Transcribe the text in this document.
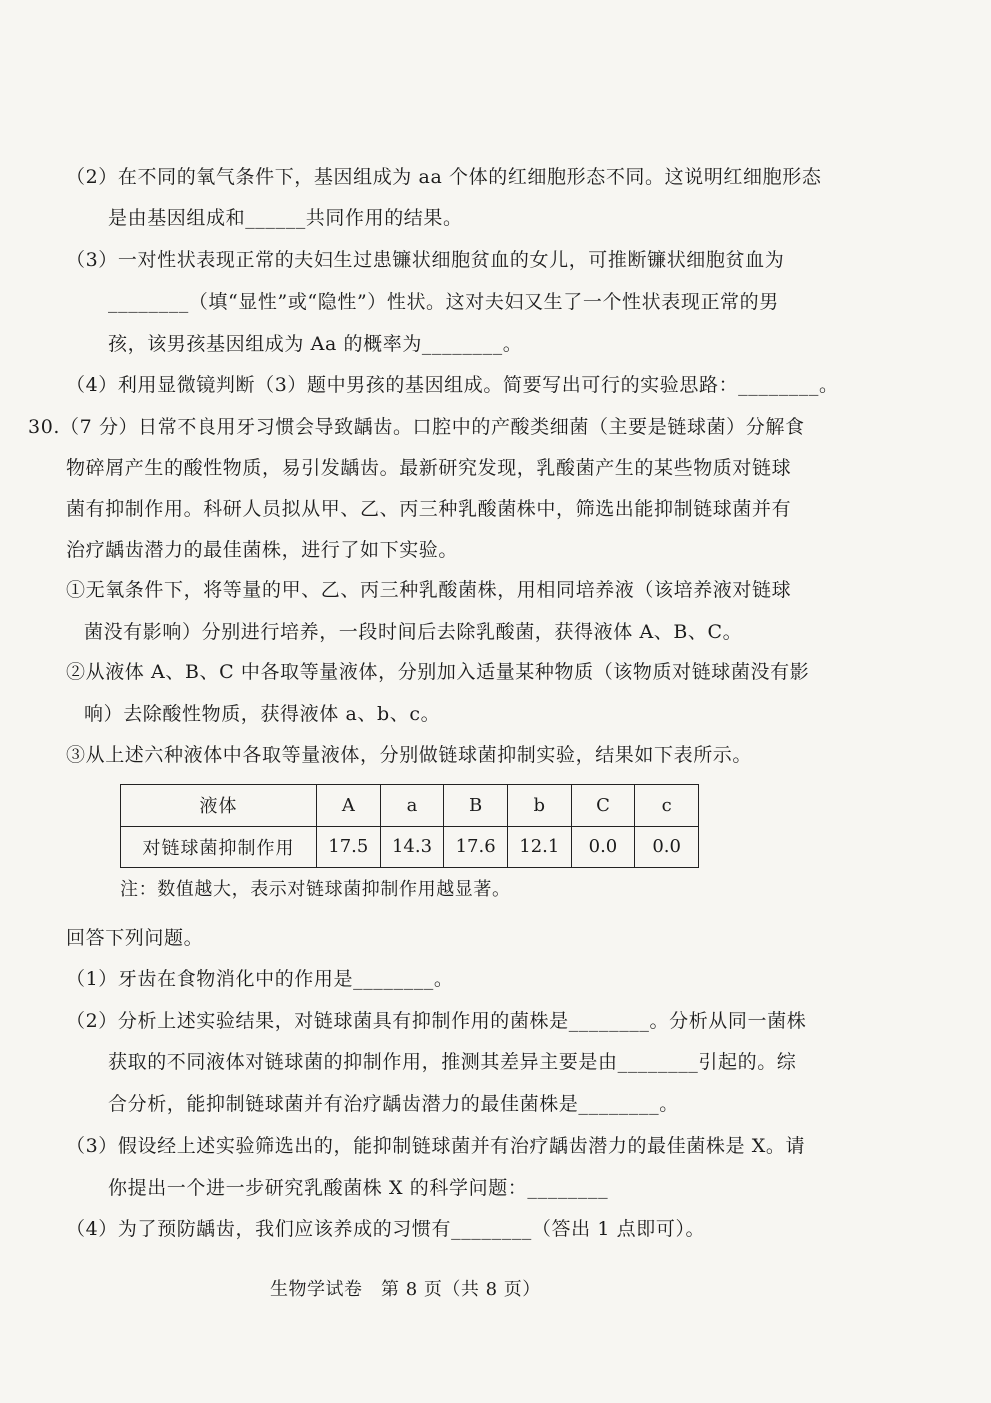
（2）在不同的氧气条件下，基因组成为 aa 个体的红细胞形态不同。这说明红细胞形态
是由基因组成和______共同作用的结果。
（3）一对性状表现正常的夫妇生过患镰状细胞贫血的女儿，可推断镰状细胞贫血为
________（填“显性”或“隐性”）性状。这对夫妇又生了一个性状表现正常的男
孩，该男孩基因组成为 Aa 的概率为________。
（4）利用显微镜判断（3）题中男孩的基因组成。简要写出可行的实验思路：________。
30.（7 分）日常不良用牙习惯会导致龋齿。口腔中的产酸类细菌（主要是链球菌）分解食
物碎屑产生的酸性物质，易引发龋齿。最新研究发现，乳酸菌产生的某些物质对链球
菌有抑制作用。科研人员拟从甲、乙、丙三种乳酸菌株中，筛选出能抑制链球菌并有
治疗龋齿潜力的最佳菌株，进行了如下实验。
①无氧条件下，将等量的甲、乙、丙三种乳酸菌株，用相同培养液（该培养液对链球
菌没有影响）分别进行培养，一段时间后去除乳酸菌，获得液体 A、B、C。
②从液体 A、B、C 中各取等量液体，分别加入适量某种物质（该物质对链球菌没有影
响）去除酸性物质，获得液体 a、b、c。
③从上述六种液体中各取等量液体，分别做链球菌抑制实验，结果如下表所示。
液体	A	a	B	b	C	c
对链球菌抑制作用	17.5	14.3	17.6	12.1	0.0	0.0
注：数值越大，表示对链球菌抑制作用越显著。
回答下列问题。
（1）牙齿在食物消化中的作用是________。
（2）分析上述实验结果，对链球菌具有抑制作用的菌株是________。分析从同一菌株
获取的不同液体对链球菌的抑制作用，推测其差异主要是由________引起的。综
合分析，能抑制链球菌并有治疗龋齿潜力的最佳菌株是________。
（3）假设经上述实验筛选出的，能抑制链球菌并有治疗龋齿潜力的最佳菌株是 X。请
你提出一个进一步研究乳酸菌株 X 的科学问题：________
（4）为了预防龋齿，我们应该养成的习惯有________（答出 1 点即可）。
生物学试卷　第 8 页（共 8 页）
